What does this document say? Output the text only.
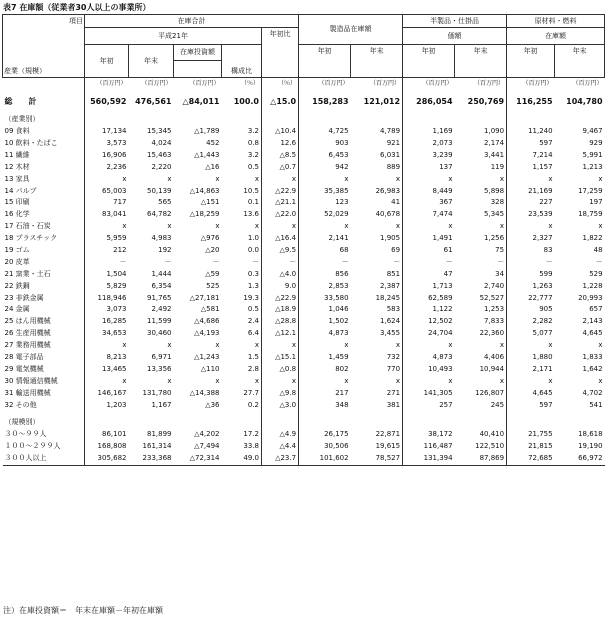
表7 在庫額（従業者30人以上の事業所）
項目
産業（規模）	在庫合計					製造品在庫額		半製品・仕掛品		原材料・燃料	
	平成21年				年初比			価額		在庫額	
	年初	年末	在庫投資額	構成比		年初	年末	年初	年末	年初	年末

	（百万円）	（百万円）	（百万円）	（％）	（％）	（百万円）	（百万円）	（百万円）	（百万円）	（百万円）	（百万円）

総　　計	560,592	476,561	△84,011	100.0	△15.0	158,283	121,012	286,054	250,769	116,255	104,780

（産業別）											
09 食料	17,134	15,345	△1,789	3.2	△10.4	4,725	4,789	1,169	1,090	11,240	9,467
10 飲料・たばこ	3,573	4,024	452	0.8	12.6	903	921	2,073	2,174	597	929
11 繊維	16,906	15,463	△1,443	3.2	△8.5	6,453	6,031	3,239	3,441	7,214	5,991
12 木材	2,236	2,220	△16	0.5	△0.7	942	889	137	119	1,157	1,213
13 家具	x	x	x	x	x	x	x	x	x	x	x
14 パルプ	65,003	50,139	△14,863	10.5	△22.9	35,385	26,983	8,449	5,898	21,169	17,259
15 印刷	717	565	△151	0.1	△21.1	123	41	367	328	227	197
16 化学	83,041	64,782	△18,259	13.6	△22.0	52,029	40,678	7,474	5,345	23,539	18,759
17 石油・石炭	x	x	x	x	x	x	x	x	x	x	x
18 プラスチック	5,959	4,983	△976	1.0	△16.4	2,141	1,905	1,491	1,256	2,327	1,822
19 ゴム	212	192	△20	0.0	△9.5	68	69	61	75	83	48
20 皮革	－	－	－	－	－	－	－	－	－	－	－
21 窯業・土石	1,504	1,444	△59	0.3	△4.0	856	851	47	34	599	529
22 鉄鋼	5,829	6,354	525	1.3	9.0	2,853	2,387	1,713	2,740	1,263	1,228
23 非鉄金属	118,946	91,765	△27,181	19.3	△22.9	33,580	18,245	62,589	52,527	22,777	20,993
24 金属	3,073	2,492	△581	0.5	△18.9	1,046	583	1,122	1,253	905	657
25 はん用機械	16,285	11,599	△4,686	2.4	△28.8	1,502	1,624	12,502	7,833	2,282	2,143
26 生産用機械	34,653	30,460	△4,193	6.4	△12.1	4,873	3,455	24,704	22,360	5,077	4,645
27 業務用機械	x	x	x	x	x	x	x	x	x	x	x
28 電子部品	8,213	6,971	△1,243	1.5	△15.1	1,459	732	4,873	4,406	1,880	1,833
29 電気機械	13,465	13,356	△110	2.8	△0.8	802	770	10,493	10,944	2,171	1,642
30 情報通信機械	x	x	x	x	x	x	x	x	x	x	x
31 輸送用機械	146,167	131,780	△14,388	27.7	△9.8	217	271	141,305	126,807	4,645	4,702
32 その他	1,203	1,167	△36	0.2	△3.0	348	381	257	245	597	541

（規模別）											
３０～９９人	86,101	81,899	△4,202	17.2	△4.9	26,175	22,871	38,172	40,410	21,755	18,618
１００～２９９人	168,808	161,314	△7,494	33.8	△4.4	30,506	19,615	116,487	122,510	21,815	19,190
３００人以上	305,682	233,368	△72,314	49.0	△23.7	101,602	78,527	131,394	87,869	72,685	66,972
注）在庫投資額＝　年末在庫額－年初在庫額
